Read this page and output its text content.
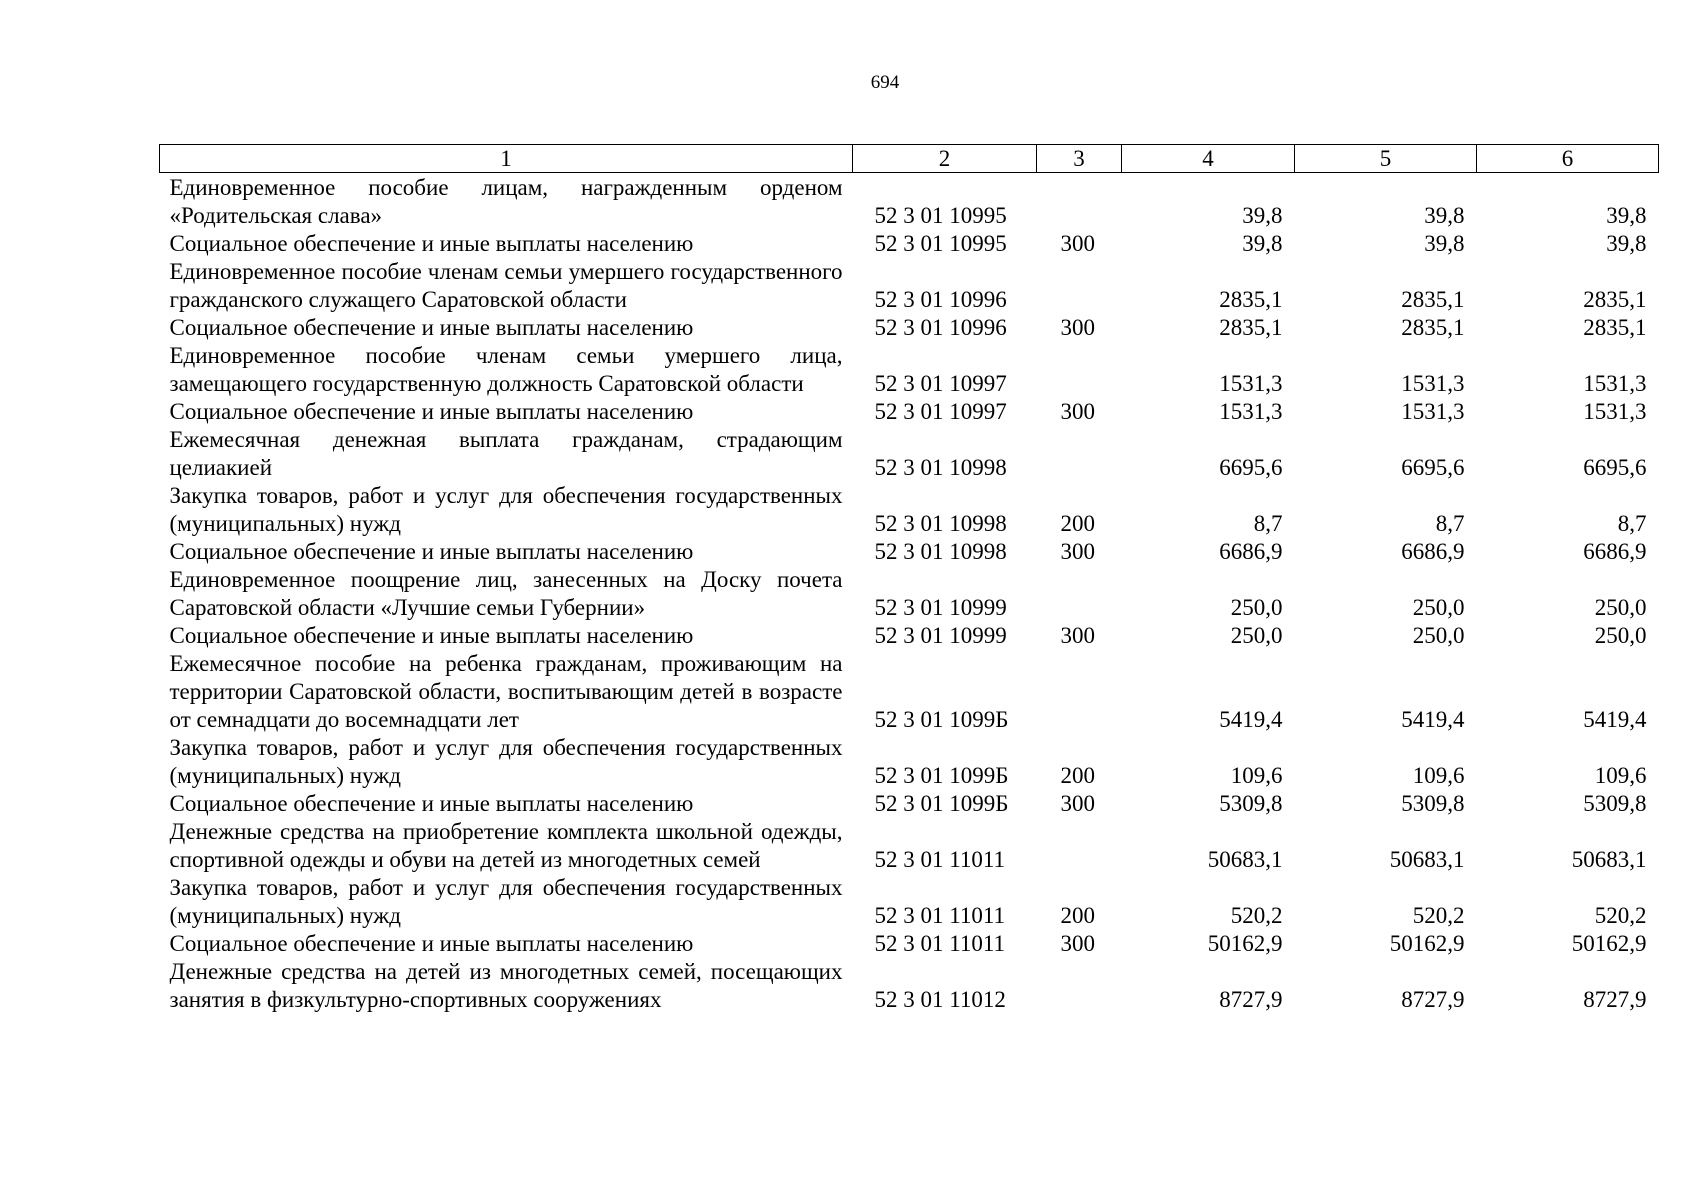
694
1	2	3	4	5	6
Единовременное пособие лицам, награжденным орденом «Родительская слава»	52 3 01 10995		39,8	39,8	39,8
Социальное обеспечение и иные выплаты населению	52 3 01 10995	300	39,8	39,8	39,8
Единовременное пособие членам семьи умершего государственного гражданского служащего Саратовской области	52 3 01 10996		2835,1	2835,1	2835,1
Социальное обеспечение и иные выплаты населению	52 3 01 10996	300	2835,1	2835,1	2835,1
Единовременное пособие членам семьи умершего лица, замещающего государственную должность Саратовской области	52 3 01 10997		1531,3	1531,3	1531,3
Социальное обеспечение и иные выплаты населению	52 3 01 10997	300	1531,3	1531,3	1531,3
Ежемесячная денежная выплата гражданам, страдающим целиакией	52 3 01 10998		6695,6	6695,6	6695,6
Закупка товаров, работ и услуг для обеспечения государственных (муниципальных) нужд	52 3 01 10998	200	8,7	8,7	8,7
Социальное обеспечение и иные выплаты населению	52 3 01 10998	300	6686,9	6686,9	6686,9
Единовременное поощрение лиц, занесенных на Доску почета Саратовской области «Лучшие семьи Губернии»	52 3 01 10999		250,0	250,0	250,0
Социальное обеспечение и иные выплаты населению	52 3 01 10999	300	250,0	250,0	250,0
Ежемесячное пособие на ребенка гражданам, проживающим на территории Саратовской области, воспитывающим детей в возрасте от семнадцати до восемнадцати лет	52 3 01 1099Б		5419,4	5419,4	5419,4
Закупка товаров, работ и услуг для обеспечения государственных (муниципальных) нужд	52 3 01 1099Б	200	109,6	109,6	109,6
Социальное обеспечение и иные выплаты населению	52 3 01 1099Б	300	5309,8	5309,8	5309,8
Денежные средства на приобретение комплекта школьной одежды, спортивной одежды и обуви на детей из многодетных семей	52 3 01 11011		50683,1	50683,1	50683,1
Закупка товаров, работ и услуг для обеспечения государственных (муниципальных) нужд	52 3 01 11011	200	520,2	520,2	520,2
Социальное обеспечение и иные выплаты населению	52 3 01 11011	300	50162,9	50162,9	50162,9
Денежные средства на детей из многодетных семей, посещающих занятия в физкультурно-спортивных сооружениях	52 3 01 11012		8727,9	8727,9	8727,9
